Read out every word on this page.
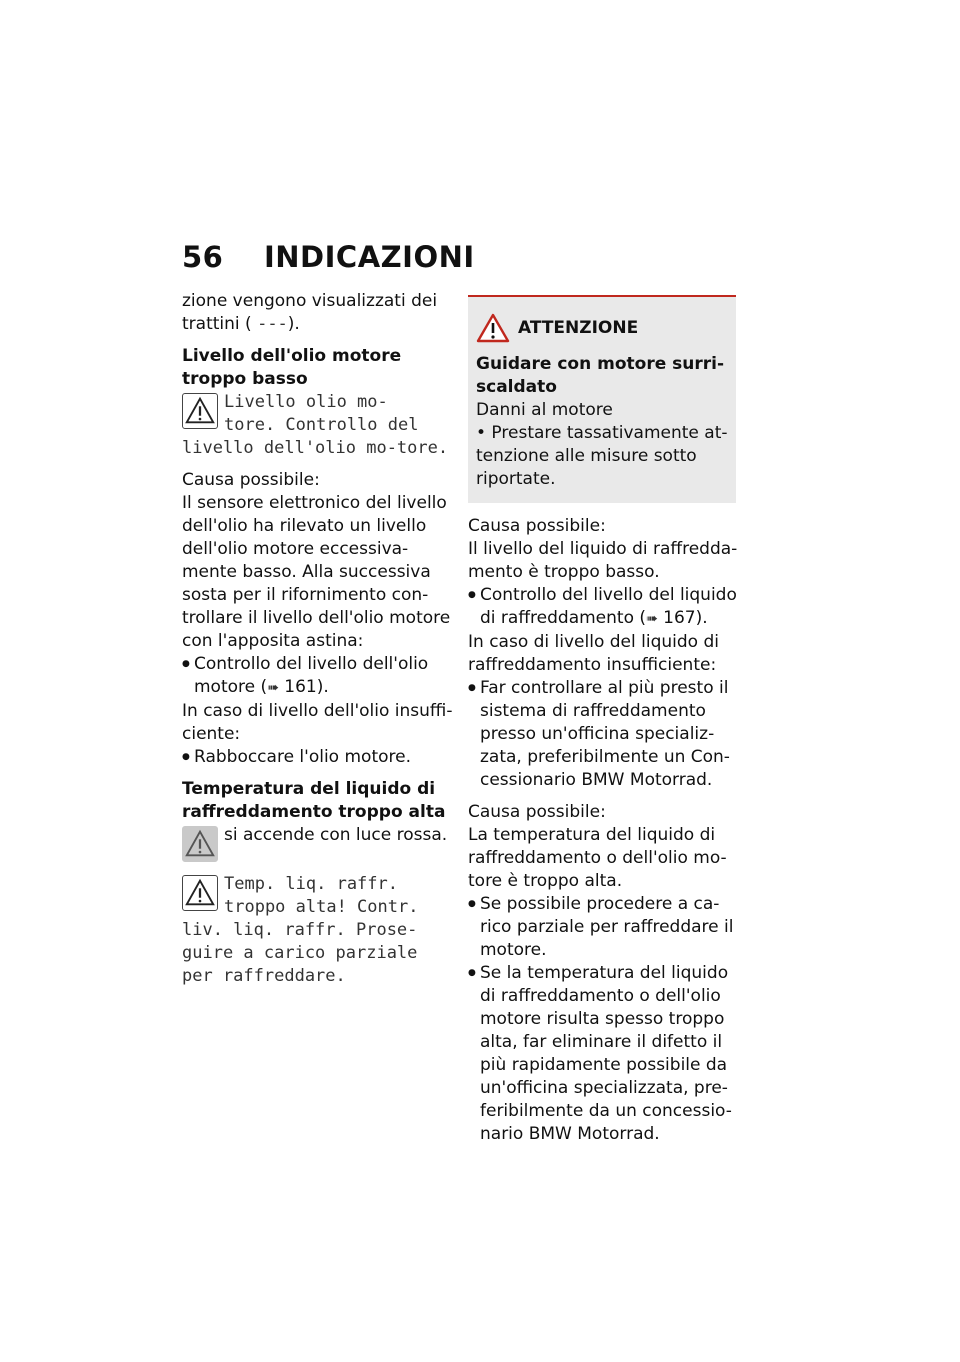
56 INDICAZIONI

zione vengono visualizzati dei trattini ( ---).

Livello dell'olio motore troppo basso

Livello olio mo-
tore. Controllo del
livello dell'olio mo-tore.

Causa possibile:

Il sensore elettronico del livello dell'olio ha rilevato un livello dell'olio motore eccessiva-mente basso. Alla successiva sosta per il rifornimento con-trollare il livello dell'olio motore con l'apposita astina:

● Controllo del livello dell'olio motore (➠ 161).

In caso di livello dell'olio insuffi-ciente:

● Rabboccare l'olio motore.

Temperatura del liquido di raffreddamento troppo alta

si accende con luce rossa.

Temp. liq. raffr.
troppo alta! Contr.
liv. liq. raffr. Prose-guire a carico parziale per raffreddare.
ATTENZIONE

Guidare con motore surri-scaldato

Danni al motore

• Prestare tassativamente at-tenzione alle misure sotto riportate.

Causa possibile:

Il livello del liquido di raffredda-mento è troppo basso.

● Controllo del livello del liquido di raffreddamento (➠ 167).

In caso di livello del liquido di raffreddamento insufficiente:

● Far controllare al più presto il sistema di raffreddamento presso un'officina specializ-zata, preferibilmente un Con-cessionario BMW Motorrad.

Causa possibile:

La temperatura del liquido di raffreddamento o dell'olio mo-tore è troppo alta.

● Se possibile procedere a ca-rico parziale per raffreddare il motore.

● Se la temperatura del liquido di raffreddamento o dell'olio motore risulta spesso troppo alta, far eliminare il difetto il più rapidamente possibile da un'officina specializzata, pre-feribilmente da un concessio-nario BMW Motorrad.
